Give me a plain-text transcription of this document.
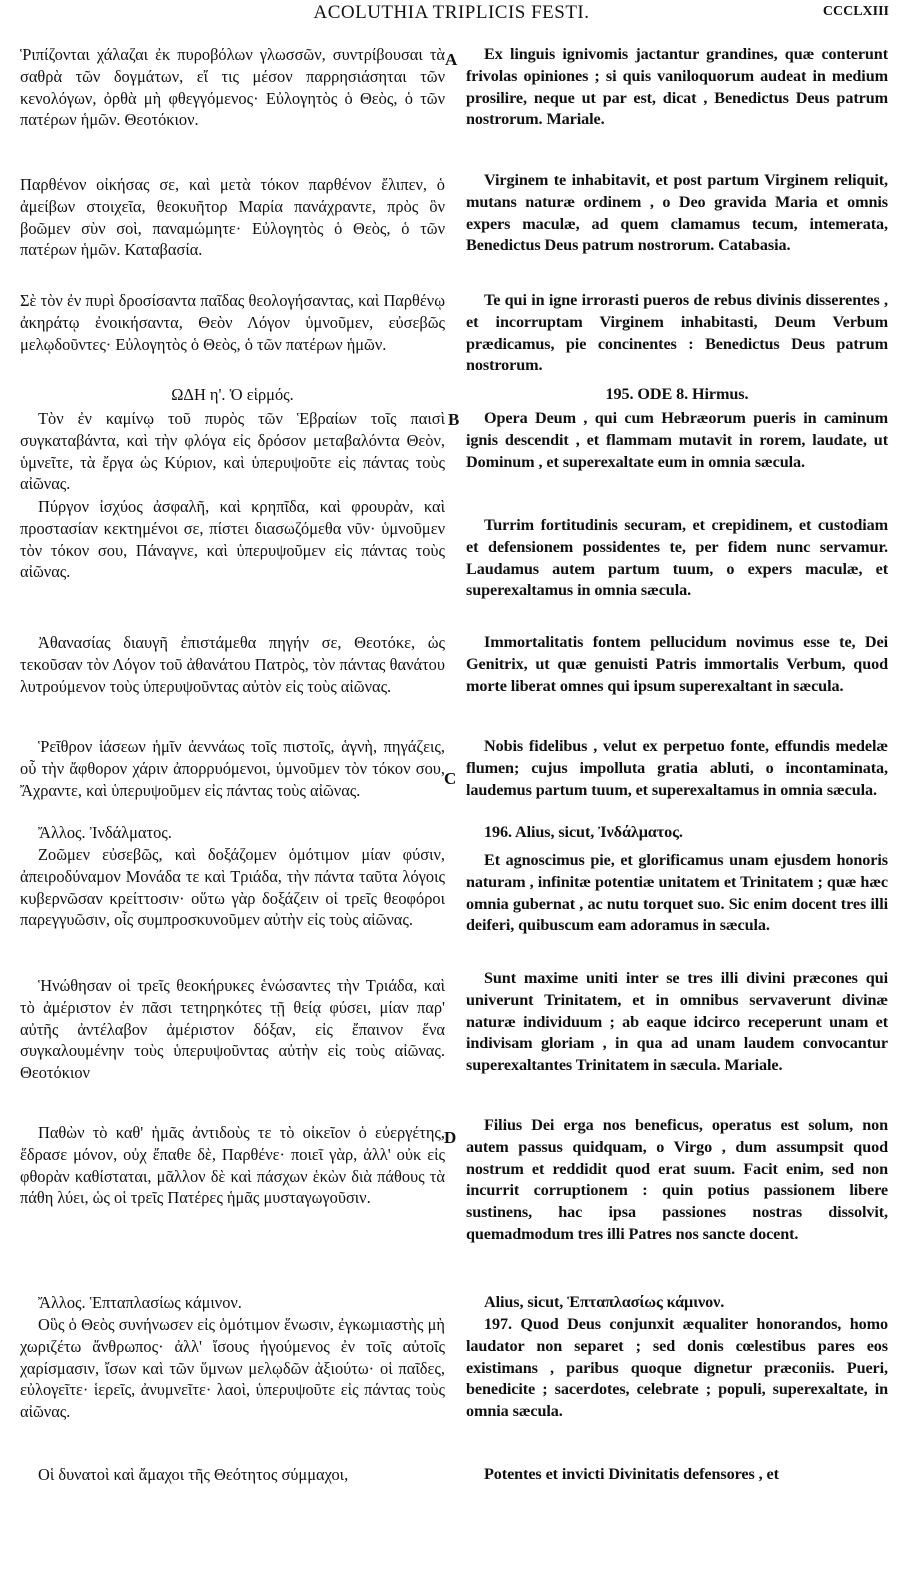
ACOLUTHIA TRIPLICIS FESTI.	CCCLXIII
A
B
C
D
Ῥιπίζονται χάλαζαι ἐκ πυροβόλων γλωσσῶν, συντρίβουσαι τὰ σαθρὰ τῶν δογμάτων, εἴ τις μέσον παρρησιάσηται τῶν κενολόγων, ὀρθὰ μὴ φθεγγόμενος· Εὐλογητὸς ὁ Θεὸς, ὁ τῶν πατέρων ἡμῶν. Θεοτόκιον.
Παρθένον οἰκήσας σε, καὶ μετὰ τόκον παρθένον ἔλιπεν, ὁ ἀμείβων στοιχεῖα, θεοκυῆτορ Μαρία πανάχραντε, πρὸς ὃν βοῶμεν σὺν σοὶ, παναμώμητε· Εὐλογητὸς ὁ Θεὸς, ὁ τῶν πατέρων ἡμῶν. Καταβασία.
Σὲ τὸν ἐν πυρὶ δροσίσαντα παῖδας θεολογήσαντας, καὶ Παρθένῳ ἀκηράτῳ ἐνοικήσαντα, Θεὸν Λόγον ὑμνοῦμεν, εὐσεβῶς μελῳδοῦντες· Εὐλογητὸς ὁ Θεὸς, ὁ τῶν πατέρων ἡμῶν.
ΩΔΗ η'. Ὁ εἱρμός.
Τὸν ἐν καμίνῳ τοῦ πυρὸς τῶν Ἑβραίων τοῖς παισὶ συγκαταβάντα, καὶ τὴν φλόγα εἰς δρόσον μεταβαλόντα Θεὸν, ὑμνεῖτε, τὰ ἔργα ὡς Κύριον, καὶ ὑπερυψοῦτε εἰς πάντας τοὺς αἰῶνας.
Πύργον ἰσχύος ἀσφαλῆ, καὶ κρηπῖδα, καὶ φρουρὰν, καὶ προστασίαν κεκτημένοι σε, πίστει διασωζόμεθα νῦν· ὑμνοῦμεν τὸν τόκον σου, Πάναγνε, καὶ ὑπερυψοῦμεν εἰς πάντας τοὺς αἰῶνας.
Ἀθανασίας διαυγῆ ἐπιστάμεθα πηγήν σε, Θεοτόκε, ὡς τεκοῦσαν τὸν Λόγον τοῦ ἀθανάτου Πατρὸς, τὸν πάντας θανάτου λυτρούμενον τοὺς ὑπερυψοῦντας αὐτὸν εἰς τοὺς αἰῶνας.
Ῥεῖθρον ἰάσεων ἡμῖν ἀεννάως τοῖς πιστοῖς, ἁγνὴ, πηγάζεις, οὗ τὴν ἄφθορον χάριν ἀπορρυόμενοι, ὑμνοῦμεν τὸν τόκον σου, Ἄχραντε, καὶ ὑπερυψοῦμεν εἰς πάντας τοὺς αἰῶνας.
Ἄλλος. Ἰνδάλματος.
Ζοῶμεν εὐσεβῶς, καὶ δοξάζομεν ὁμότιμον μίαν φύσιν, ἀπειροδύναμον Μονάδα τε καὶ Τριάδα, τὴν πάντα ταῦτα λόγοις κυβερνῶσαν κρείττοσιν· οὕτω γὰρ δοξάζειν οἱ τρεῖς θεοφόροι παρεγγυῶσιν, οἷς συμπροσκυνοῦμεν αὐτὴν εἰς τοὺς αἰῶνας.
Ἡνώθησαν οἱ τρεῖς θεοκήρυκες ἑνώσαντες τὴν Τριάδα, καὶ τὸ ἀμέριστον ἐν πᾶσι τετηρηκότες τῇ θείᾳ φύσει, μίαν παρ' αὐτῆς ἀντέλαβον ἀμέριστον δόξαν, εἰς ἔπαινον ἕνα συγκαλουμένην τοὺς ὑπερυψοῦντας αὐτὴν εἰς τοὺς αἰῶνας. Θεοτόκιον
Παθὼν τὸ καθ' ἡμᾶς ἀντιδοὺς τε τὸ οἰκεῖον ὁ εὐεργέτης, ἕδρασε μόνον, οὐχ ἔπαθε δὲ, Παρθένε· ποιεῖ γὰρ, ἀλλ' οὐκ εἰς φθορὰν καθίσταται, μᾶλλον δὲ καὶ πάσχων ἑκὼν διὰ πάθους τὰ πάθη λύει, ὡς οἱ τρεῖς Πατέρες ἡμᾶς μυσταγωγοῦσιν.
Ἄλλος. Ἑπταπλασίως κάμινον.
Οὓς ὁ Θεὸς συνήνωσεν εἰς ὁμότιμον ἕνωσιν, ἐγκωμιαστὴς μὴ χωριζέτω ἄνθρωπος· ἀλλ' ἴσους ἡγούμενος ἐν τοῖς αὐτοῖς χαρίσμασιν, ἴσων καὶ τῶν ὕμνων μελῳδῶν ἀξιούτω· οἱ παῖδες, εὐλογεῖτε· ἱερεῖς, ἀνυμνεῖτε· λαοὶ, ὑπερυψοῦτε εἰς πάντας τοὺς αἰῶνας.
Οἱ δυνατοὶ καὶ ἄμαχοι τῆς Θεότητος σύμμαχοι,
Ex linguis ignivomis jactantur grandines, quæ conterunt frivolas opiniones ; si quis vaniloquorum audeat in medium prosilire, neque ut par est, dicat , Benedictus Deus patrum nostrorum. Mariale.
Virginem te inhabitavit, et post partum Virginem reliquit, mutans naturæ ordinem , o Deo gravida Maria et omnis expers maculæ, ad quem clamamus tecum, intemerata, Benedictus Deus patrum nostrorum. Catabasia.
Te qui in igne irrorasti pueros de rebus divinis disserentes , et incorruptam Virginem inhabitasti, Deum Verbum prædicamus, pie concinentes : Benedictus Deus patrum nostrorum.
195. ODE 8. Hirmus.
Opera Deum , qui cum Hebræorum pueris in caminum ignis descendit , et flammam mutavit in rorem, laudate, ut Dominum , et superexaltate eum in omnia sæcula.
Turrim fortitudinis securam, et crepidinem, et custodiam et defensionem possidentes te, per fidem nunc servamur. Laudamus autem partum tuum, o expers maculæ, et superexaltamus in omnia sæcula.
Immortalitatis fontem pellucidum novimus esse te, Dei Genitrix, ut quæ genuisti Patris immortalis Verbum, quod morte liberat omnes qui ipsum superexaltant in sæcula.
Nobis fidelibus , velut ex perpetuo fonte, effundis medelæ flumen; cujus impolluta gratia abluti, o incontaminata, laudemus partum tuum, et superexaltamus in omnia sæcula.
196. Alius, sicut, Ἰνδάλματος.
Et agnoscimus pie, et glorificamus unam ejusdem honoris naturam , infinitæ potentiæ unitatem et Trinitatem ; quæ hæc omnia gubernat , ac nutu torquet suo. Sic enim docent tres illi deiferi, quibuscum eam adoramus in sæcula.
Sunt maxime uniti inter se tres illi divini præcones qui univerunt Trinitatem, et in omnibus servaverunt divinæ naturæ individuum ; ab eaque idcirco receperunt unam et indivisam gloriam , in qua ad unam laudem convocantur superexaltantes Trinitatem in sæcula. Mariale.
Filius Dei erga nos beneficus, operatus est solum, non autem passus quidquam, o Virgo , dum assumpsit quod nostrum et reddidit quod erat suum. Facit enim, sed non incurrit corruptionem : quin potius passionem libere sustinens, hac ipsa passiones nostras dissolvit, quemadmodum tres illi Patres nos sancte docent.
Alius, sicut, Ἑπταπλασίως κάμινον.
197. Quod Deus conjunxit æqualiter honorandos, homo laudator non separet ; sed donis cœlestibus pares eos existimans , paribus quoque dignetur præconiis. Pueri, benedicite ; sacerdotes, celebrate ; populi, superexaltate, in omnia sæcula.
Potentes et invicti Divinitatis defensores , et
